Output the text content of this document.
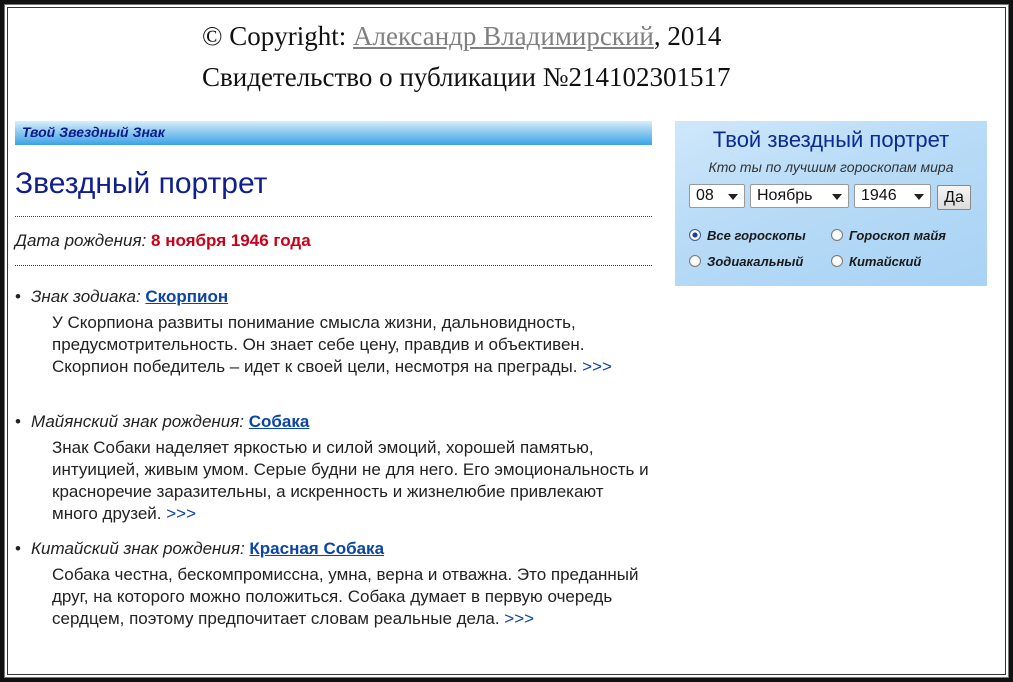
© Copyright: Александр Владимирский, 2014
Свидетельство о публикации №214102301517
Твой Звездный Знак
Звездный портрет
Дата рождения: 8 ноября 1946 года
• Знак зодиака: Скорпион
У Скорпиона развиты понимание смысла жизни, дальновидность, предусмотрительность. Он знает себе цену, правдив и объективен. Скорпион победитель – идет к своей цели, несмотря на преграды. >>>
• Майянский знак рождения: Собака
Знак Собаки наделяет яркостью и силой эмоций, хорошей памятью, интуицией, живым умом. Серые будни не для него. Его эмоциональность и красноречие заразительны, а искренность и жизнелюбие привлекают много друзей. >>>
• Китайский знак рождения: Красная Собака
Собака честна, бескомпромиссна, умна, верна и отважна. Это преданный друг, на которого можно положиться. Собака думает в первую очередь сердцем, поэтому предпочитает словам реальные дела. >>>
Твой звездный портрет
Кто ты по лучшим гороскопам мира
08	Ноябрь	1946
Все гороскопы	Гороскоп майя
Зодиакальный	Китайский
Да
